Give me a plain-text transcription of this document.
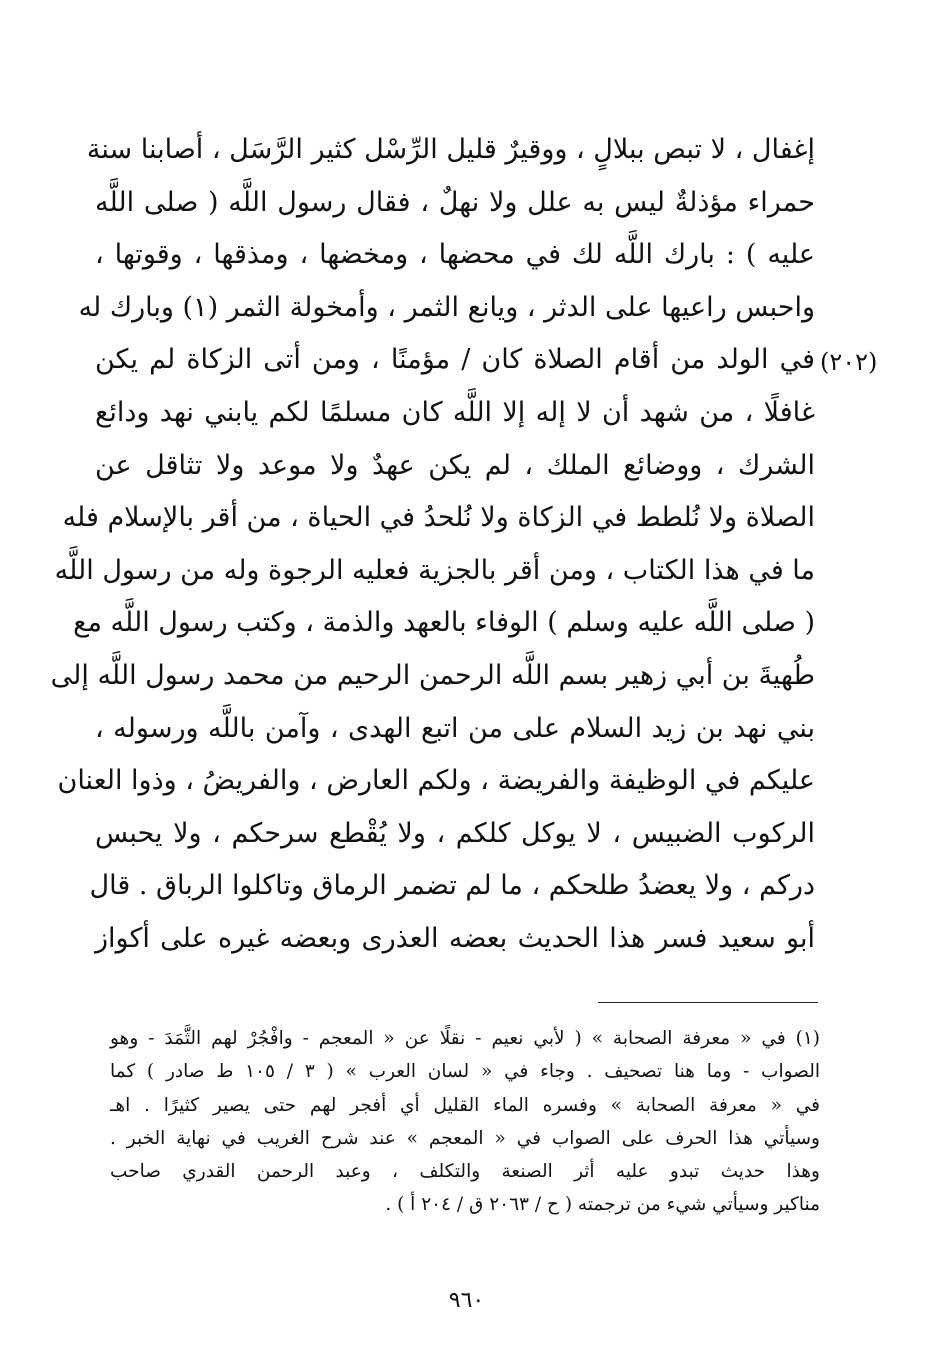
إغفال ، لا تبص ببلالٍ ، ووقيرٌ قليل الرِّسْل كثير الرَّسَل ، أصابنا سنة
حمراء مؤذلةٌ ليس به علل ولا نهلٌ ، فقال رسول اللَّه ( صلى اللَّه
عليه ) : بارك اللَّه لك في محضها ، ومخضها ، ومذقها ، وقوتها ،
واحبس راعيها على الدثر ، ويانع الثمر ، وأمخولة الثمر (١) وبارك له
في الولد من أقام الصلاة كان / مؤمنًا ، ومن أتى الزكاة لم يكن
غافلًا ، من شهد أن لا إله إلا اللَّه كان مسلمًا لكم يابني نهد ودائع
الشرك ، ووضائع الملك ، لم يكن عهدٌ ولا موعد ولا تثاقل عن
الصلاة ولا نُلطط في الزكاة ولا نُلحدُ في الحياة ، من أقر بالإسلام فله
ما في هذا الكتاب ، ومن أقر بالجزية فعليه الرجوة وله من رسول اللَّه
( صلى اللَّه عليه وسلم ) الوفاء بالعهد والذمة ، وكتب رسول اللَّه مع
طُهيةَ بن أبي زهير بسم اللَّه الرحمن الرحيم من محمد رسول اللَّه إلى
بني نهد بن زيد السلام على من اتبع الهدى ، وآمن باللَّه ورسوله ،
عليكم في الوظيفة والفريضة ، ولكم العارض ، والفريضُ ، وذوا العنان
الركوب الضبيس ، لا يوكل كلكم ، ولا يُقْطع سرحكم ، ولا يحبس
دركم ، ولا يعضدُ طلحكم ، ما لم تضمر الرماق وتاكلوا الرباق . قال
أبو سعيد فسر هذا الحديث بعضه العذرى وبعضه غيره على أكواز
(٢٠٢)
(١) في « معرفة الصحابة » ( لأبي نعيم - نقلًا عن « المعجم - وافْجُرْ لهم الثَّمَدَ - وهو
الصواب - وما هنا تصحيف . وجاء في « لسان العرب » ( ٣ / ١٠٥ ط صادر ) كما
في « معرفة الصحابة » وفسره الماء القليل أي أفجر لهم حتى يصير كثيرًا . اهـ
وسيأتي هذا الحرف على الصواب في « المعجم » عند شرح الغريب في نهاية الخبر .
وهذا حديث تبدو عليه أثر الصنعة والتكلف ، وعبد الرحمن القدري صاحب
مناكير وسيأتي شيء من ترجمته ( ح / ٢٠٦٣ ق / ٢٠٤ أ ) .
٩٦٠
